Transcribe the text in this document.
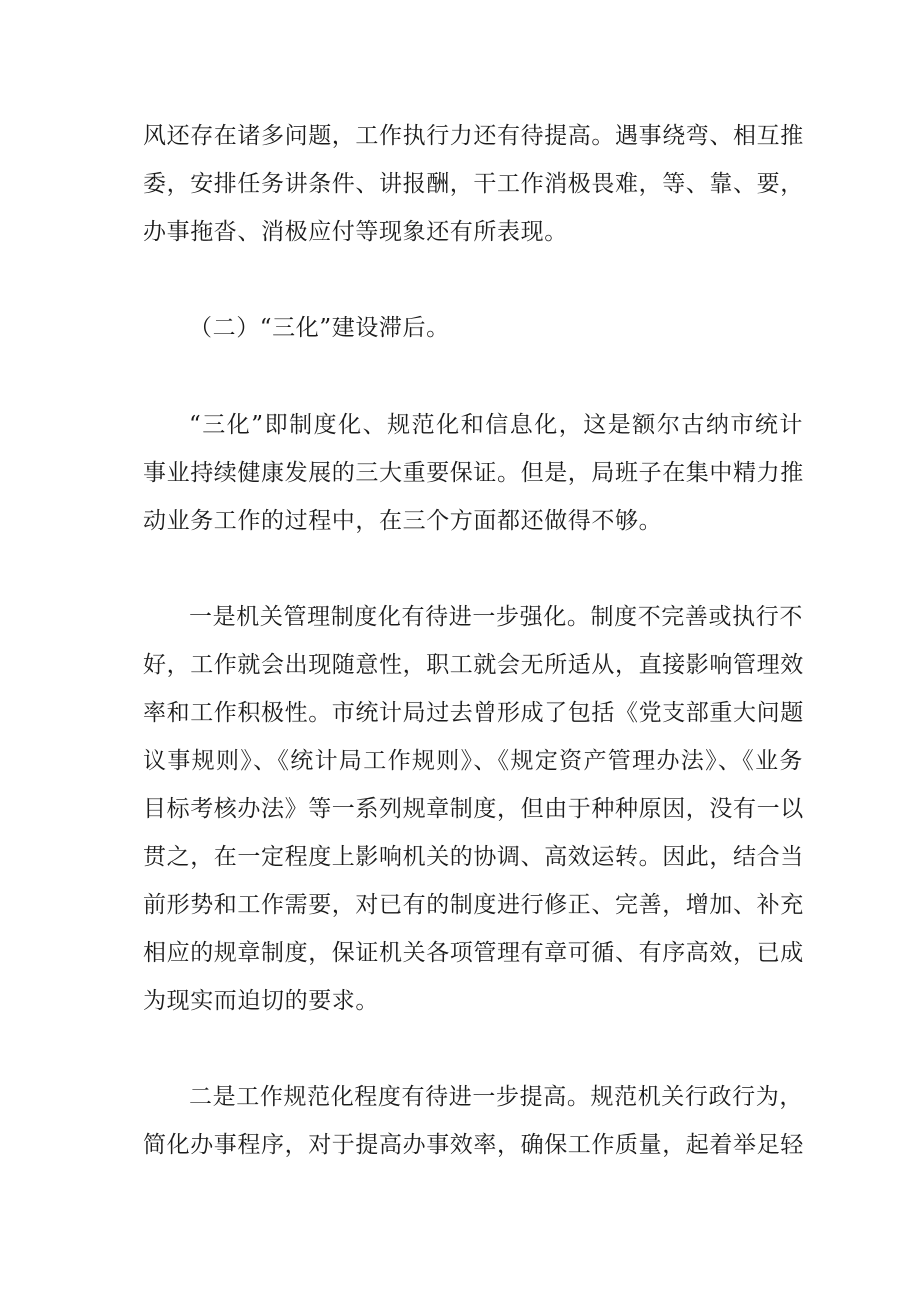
风还存在诸多问题，工作执行力还有待提高。遇事绕弯、相互推
委，安排任务讲条件、讲报酬，干工作消极畏难，等、靠、要，
办事拖沓、消极应付等现象还有所表现。
（二）“三化”建设滞后。
“三化”即制度化、规范化和信息化，这是额尔古纳市统计
事业持续健康发展的三大重要保证。但是，局班子在集中精力推
动业务工作的过程中，在三个方面都还做得不够。
一是机关管理制度化有待进一步强化。制度不完善或执行不
好，工作就会出现随意性，职工就会无所适从，直接影响管理效
率和工作积极性。市统计局过去曾形成了包括《党支部重大问题
议事规则》、《统计局工作规则》、《规定资产管理办法》、《业务
目标考核办法》等一系列规章制度，但由于种种原因，没有一以
贯之，在一定程度上影响机关的协调、高效运转。因此，结合当
前形势和工作需要，对已有的制度进行修正、完善，增加、补充
相应的规章制度，保证机关各项管理有章可循、有序高效，已成
为现实而迫切的要求。
二是工作规范化程度有待进一步提高。规范机关行政行为，
简化办事程序，对于提高办事效率，确保工作质量，起着举足轻
